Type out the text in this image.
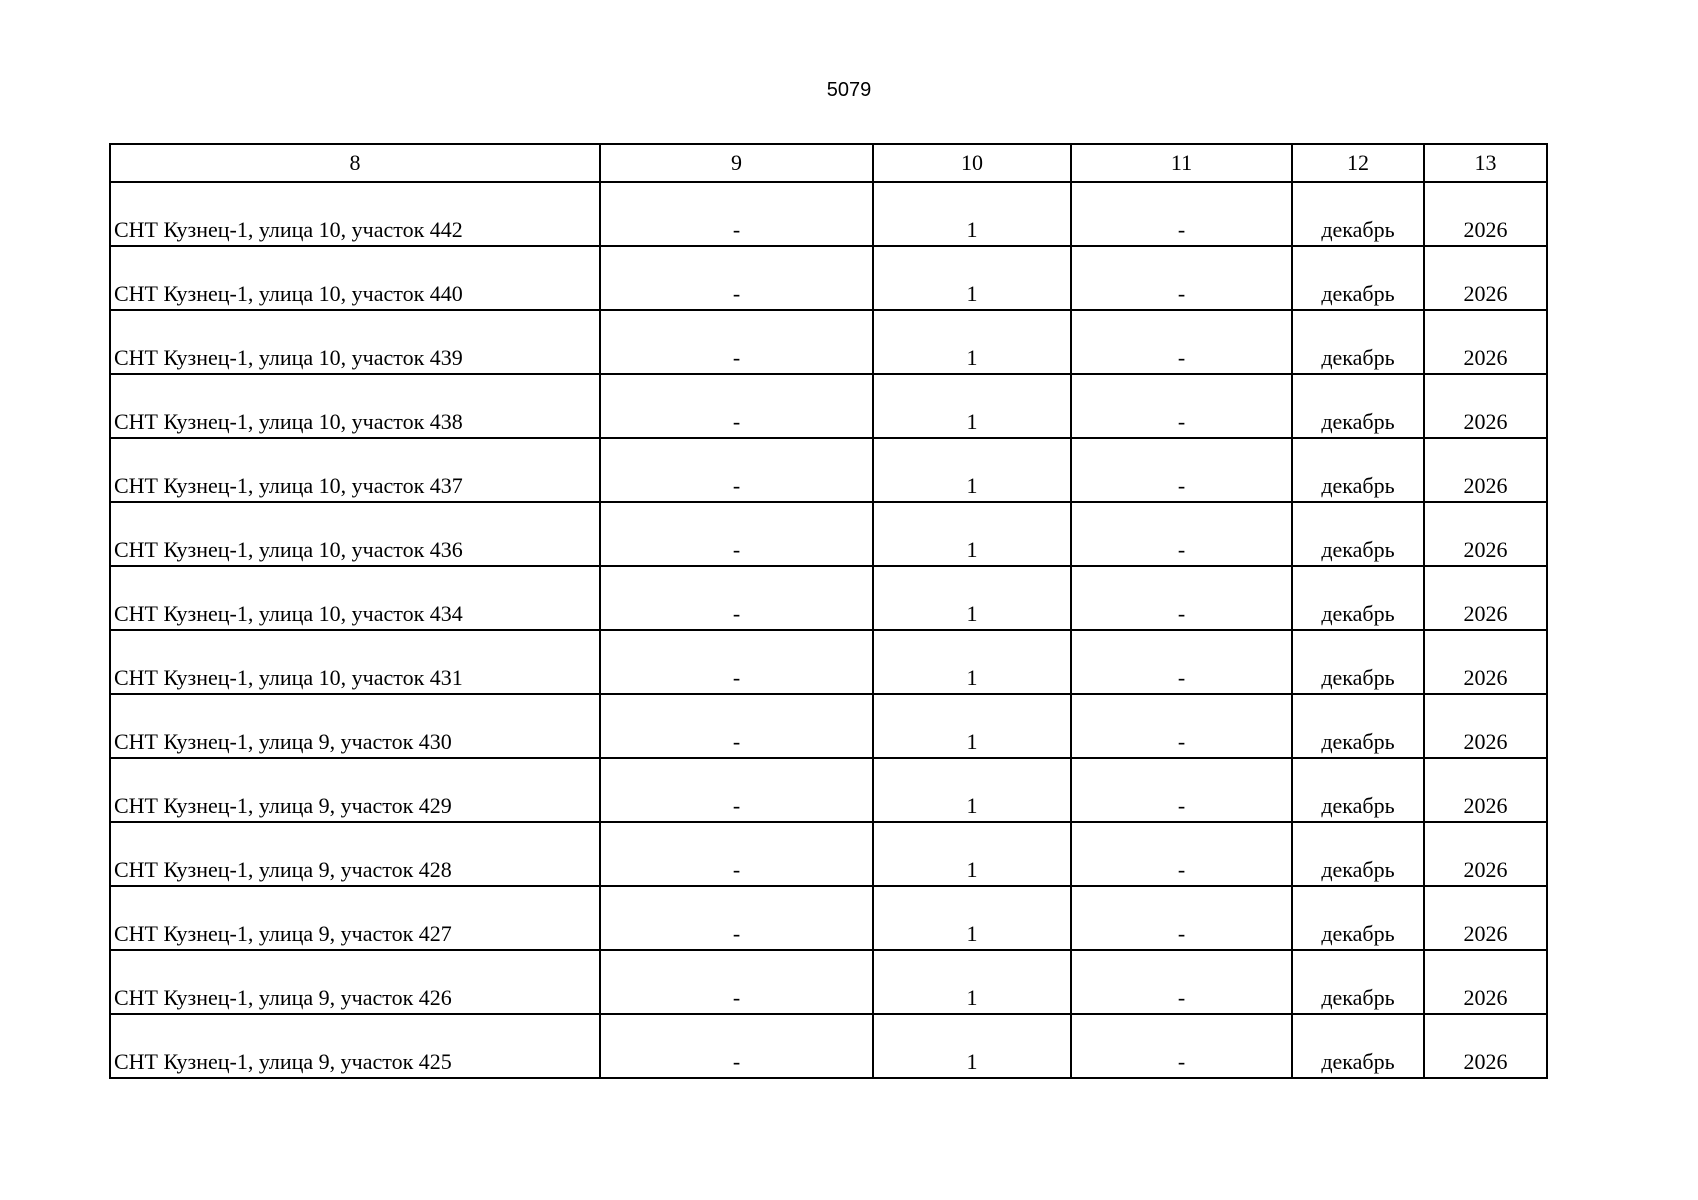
5079
8	9	10	11	12	13
СНТ Кузнец-1, улица 10, участок 442	-	1	-	декабрь	2026
СНТ Кузнец-1, улица 10, участок 440	-	1	-	декабрь	2026
СНТ Кузнец-1, улица 10, участок 439	-	1	-	декабрь	2026
СНТ Кузнец-1, улица 10, участок 438	-	1	-	декабрь	2026
СНТ Кузнец-1, улица 10, участок 437	-	1	-	декабрь	2026
СНТ Кузнец-1, улица 10, участок 436	-	1	-	декабрь	2026
СНТ Кузнец-1, улица 10, участок 434	-	1	-	декабрь	2026
СНТ Кузнец-1, улица 10, участок 431	-	1	-	декабрь	2026
СНТ Кузнец-1, улица 9, участок 430	-	1	-	декабрь	2026
СНТ Кузнец-1, улица 9, участок 429	-	1	-	декабрь	2026
СНТ Кузнец-1, улица 9, участок 428	-	1	-	декабрь	2026
СНТ Кузнец-1, улица 9, участок 427	-	1	-	декабрь	2026
СНТ Кузнец-1, улица 9, участок 426	-	1	-	декабрь	2026
СНТ Кузнец-1, улица 9, участок 425	-	1	-	декабрь	2026
